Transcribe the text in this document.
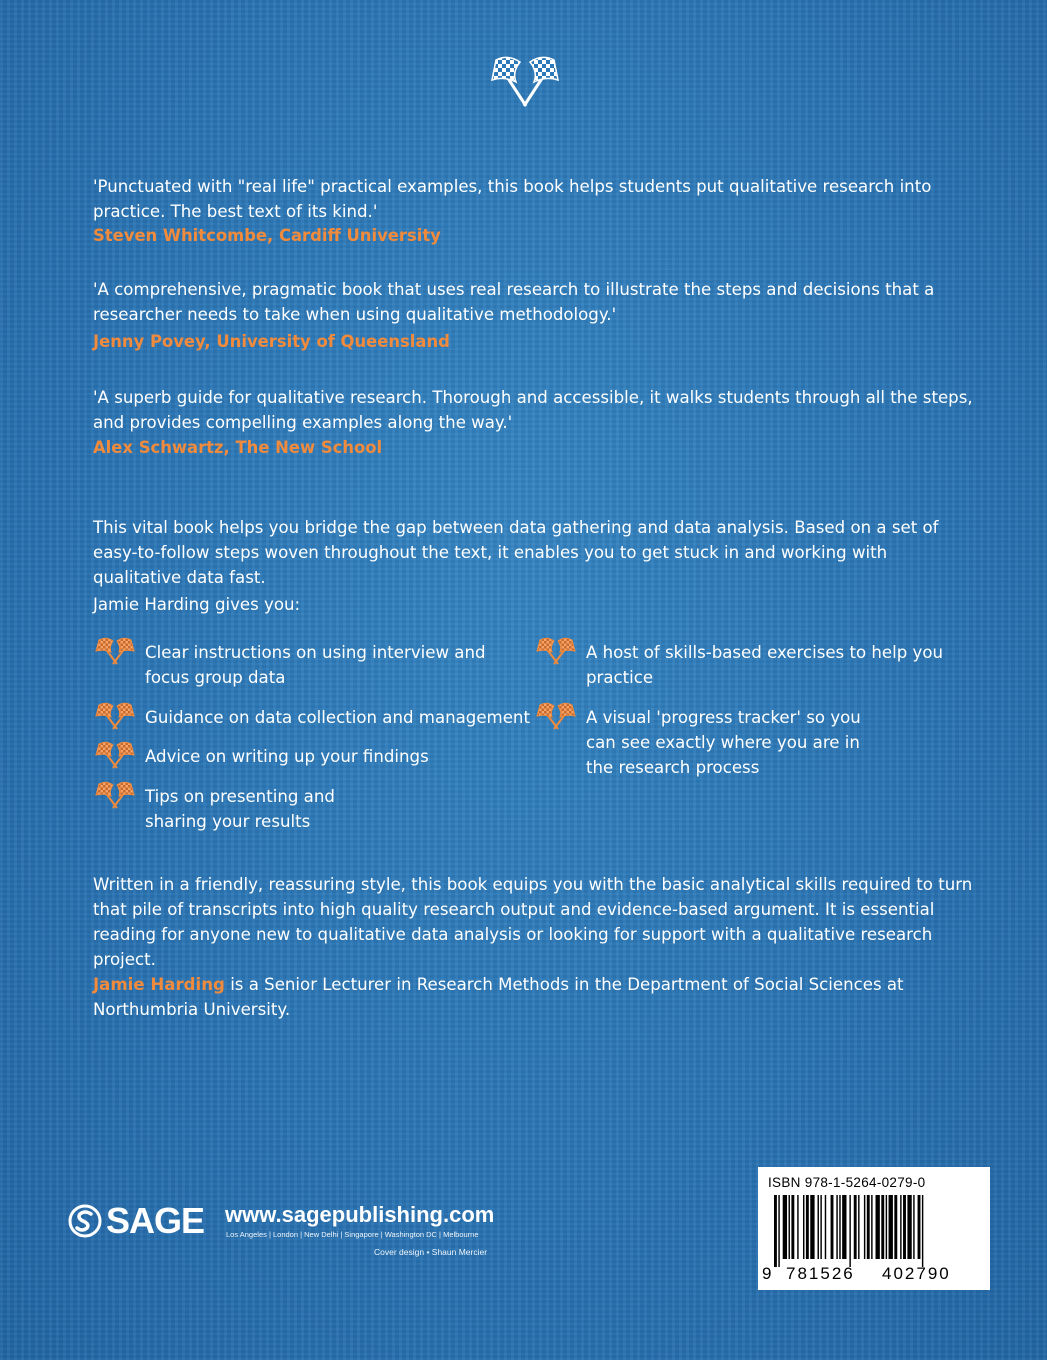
'Punctuated with "real life" practical examples, this book helps students put qualitative research into practice. The best text of its kind.'

Steven Whitcombe, Cardiff University

'A comprehensive, pragmatic book that uses real research to illustrate the steps and decisions that a researcher needs to take when using qualitative methodology.'

Jenny Povey, University of Queensland

'A superb guide for qualitative research. Thorough and accessible, it walks students through all the steps, and provides compelling examples along the way.'

Alex Schwartz, The New School

This vital book helps you bridge the gap between data gathering and data analysis. Based on a set of easy-to-follow steps woven throughout the text, it enables you to get stuck in and working with qualitative data fast.

Jamie Harding gives you:

Clear instructions on using interview and focus group data
Guidance on data collection and management
Advice on writing up your findings
Tips on presenting and sharing your results
A host of skills-based exercises to help you practice
A visual 'progress tracker' so you can see exactly where you are in the research process

Written in a friendly, reassuring style, this book equips you with the basic analytical skills required to turn that pile of transcripts into high quality research output and evidence-based argument. It is essential reading for anyone new to qualitative data analysis or looking for support with a qualitative research project.

Jamie Harding is a Senior Lecturer in Research Methods in the Department of Social Sciences at Northumbria University.

SAGE www.sagepublishing.com
Los Angeles | London | New Delhi | Singapore | Washington DC | Melbourne
Cover design • Shaun Mercier
ISBN 978-1-5264-0279-0
9 781526 402790
